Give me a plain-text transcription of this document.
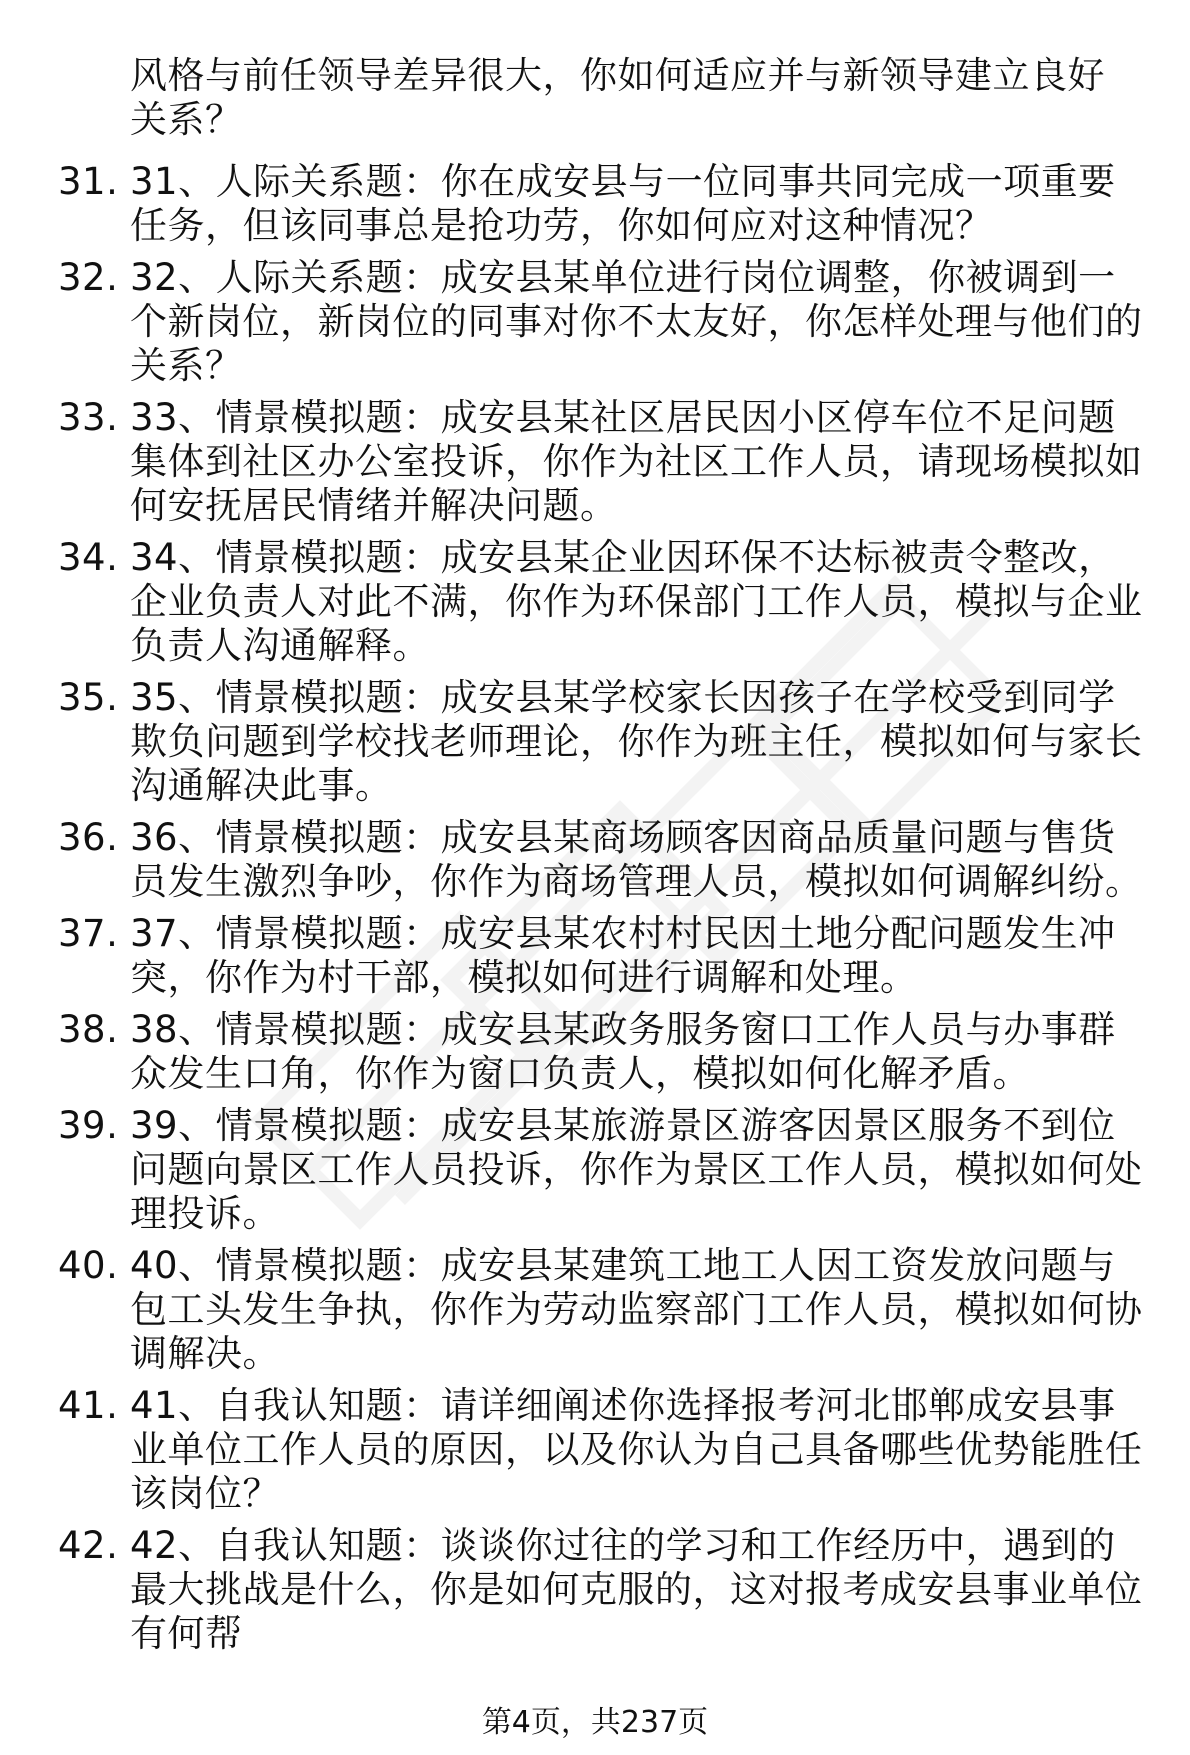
风格与前任领导差异很大，你如何适应并与新领导建立良好关系？
31. 31、人际关系题：你在成安县与一位同事共同完成一项重要任务，但该同事总是抢功劳，你如何应对这种情况？
32. 32、人际关系题：成安县某单位进行岗位调整，你被调到一个新岗位，新岗位的同事对你不太友好，你怎样处理与他们的关系？
33. 33、情景模拟题：成安县某社区居民因小区停车位不足问题集体到社区办公室投诉，你作为社区工作人员，请现场模拟如何安抚居民情绪并解决问题。
34. 34、情景模拟题：成安县某企业因环保不达标被责令整改，企业负责人对此不满，你作为环保部门工作人员，模拟与企业负责人沟通解释。
35. 35、情景模拟题：成安县某学校家长因孩子在学校受到同学欺负问题到学校找老师理论，你作为班主任，模拟如何与家长沟通解决此事。
36. 36、情景模拟题：成安县某商场顾客因商品质量问题与售货员发生激烈争吵，你作为商场管理人员，模拟如何调解纠纷。
37. 37、情景模拟题：成安县某农村村民因土地分配问题发生冲突，你作为村干部，模拟如何进行调解和处理。
38. 38、情景模拟题：成安县某政务服务窗口工作人员与办事群众发生口角，你作为窗口负责人，模拟如何化解矛盾。
39. 39、情景模拟题：成安县某旅游景区游客因景区服务不到位问题向景区工作人员投诉，你作为景区工作人员，模拟如何处理投诉。
40. 40、情景模拟题：成安县某建筑工地工人因工资发放问题与包工头发生争执，你作为劳动监察部门工作人员，模拟如何协调解决。
41. 41、自我认知题：请详细阐述你选择报考河北邯郸成安县事业单位工作人员的原因，以及你认为自己具备哪些优势能胜任该岗位？
42. 42、自我认知题：谈谈你过往的学习和工作经历中，遇到的最大挑战是什么，你是如何克服的，这对报考成安县事业单位有何帮
第4页，共237页
